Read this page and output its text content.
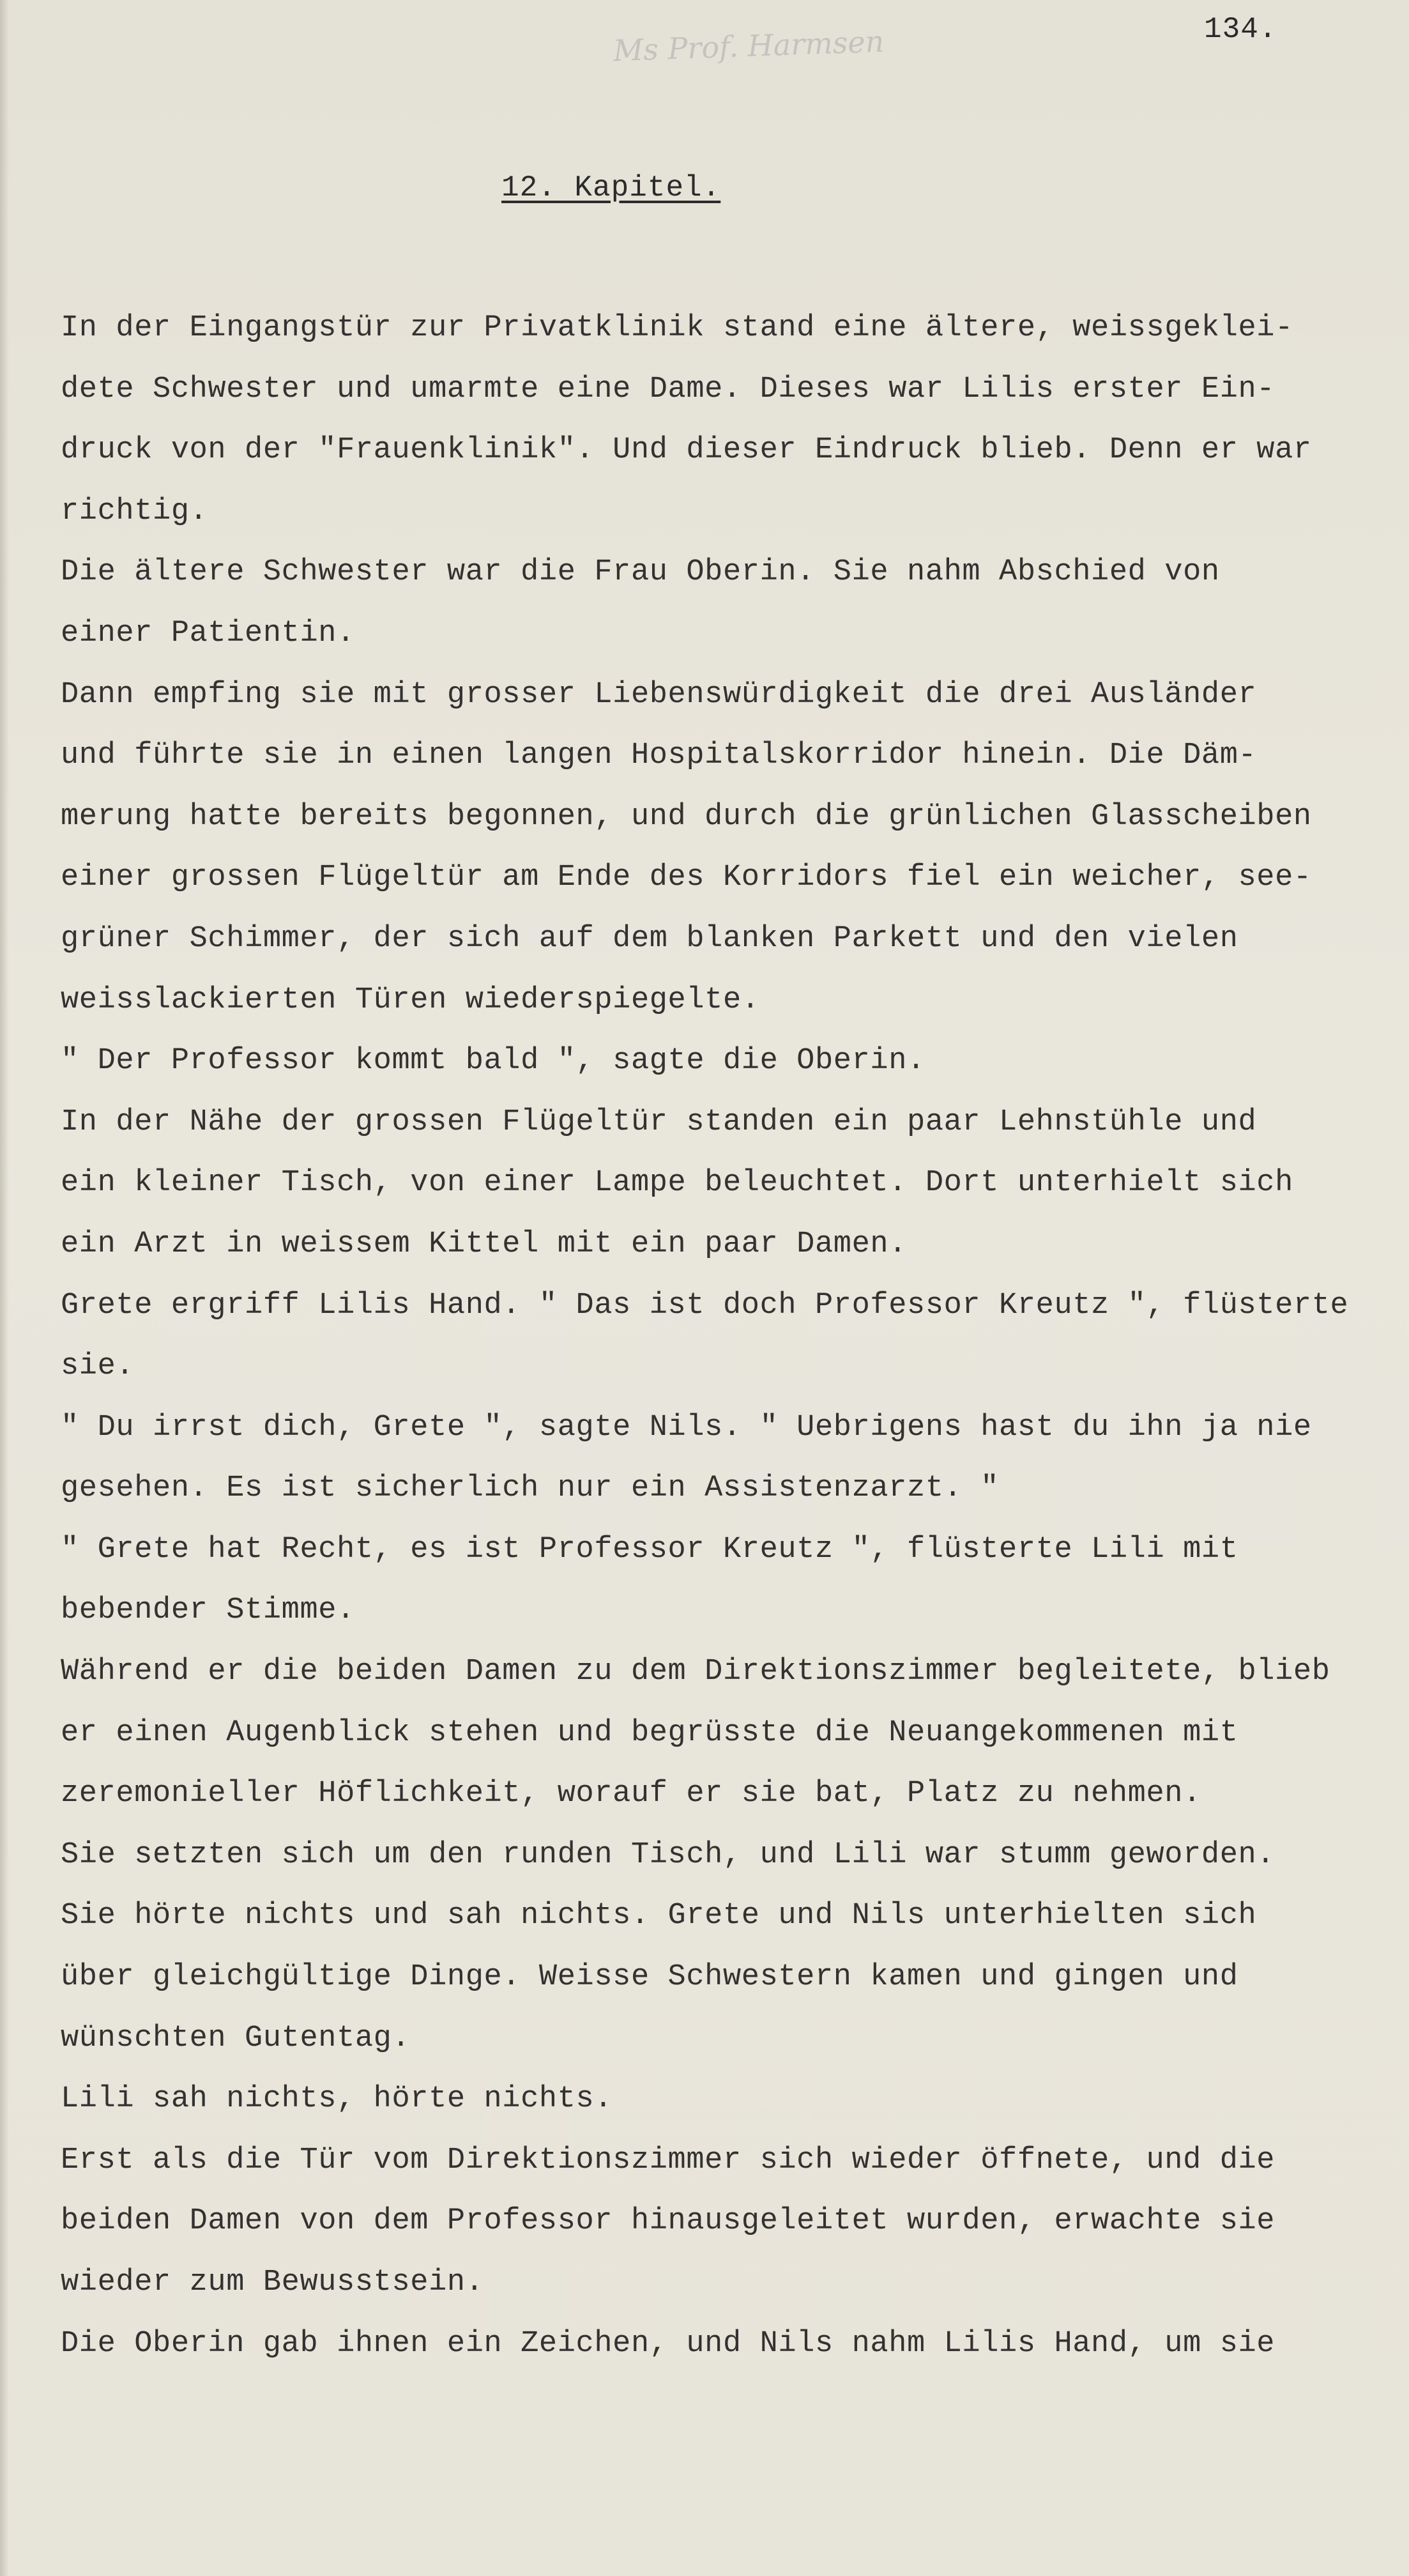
134.
Ms Prof. Harmsen
12. Kapitel.
In der Eingangstür zur Privatklinik stand eine ältere, weissgeklei-
dete Schwester und umarmte eine Dame. Dieses war Lilis erster Ein-
druck von der "Frauenklinik". Und dieser Eindruck blieb. Denn er war
richtig.
Die ältere Schwester war die Frau Oberin. Sie nahm Abschied von
einer Patientin.
Dann empfing sie mit grosser Liebenswürdigkeit die drei Ausländer
und führte sie in einen langen Hospitalskorridor hinein. Die Däm-
merung hatte bereits begonnen, und durch die grünlichen Glasscheiben
einer grossen Flügeltür am Ende des Korridors fiel ein weicher, see-
grüner Schimmer, der sich auf dem blanken Parkett und den vielen
weisslackierten Türen wiederspiegelte.
" Der Professor kommt bald ", sagte die Oberin.
In der Nähe der grossen Flügeltür standen ein paar Lehnstühle und
ein kleiner Tisch, von einer Lampe beleuchtet. Dort unterhielt sich
ein Arzt in weissem Kittel mit ein paar Damen.
Grete ergriff Lilis Hand. " Das ist doch Professor Kreutz ", flüsterte
sie.
" Du irrst dich, Grete ", sagte Nils. " Uebrigens hast du ihn ja nie
gesehen. Es ist sicherlich nur ein Assistenzarzt. "
" Grete hat Recht, es ist Professor Kreutz ", flüsterte Lili mit
bebender Stimme.
Während er die beiden Damen zu dem Direktionszimmer begleitete, blieb
er einen Augenblick stehen und begrüsste die Neuangekommenen mit
zeremonieller Höflichkeit, worauf er sie bat, Platz zu nehmen.
Sie setzten sich um den runden Tisch, und Lili war stumm geworden.
Sie hörte nichts und sah nichts. Grete und Nils unterhielten sich
über gleichgültige Dinge. Weisse Schwestern kamen und gingen und
wünschten Gutentag.
Lili sah nichts, hörte nichts.
Erst als die Tür vom Direktionszimmer sich wieder öffnete, und die
beiden Damen von dem Professor hinausgeleitet wurden, erwachte sie
wieder zum Bewusstsein.
Die Oberin gab ihnen ein Zeichen, und Nils nahm Lilis Hand, um sie
